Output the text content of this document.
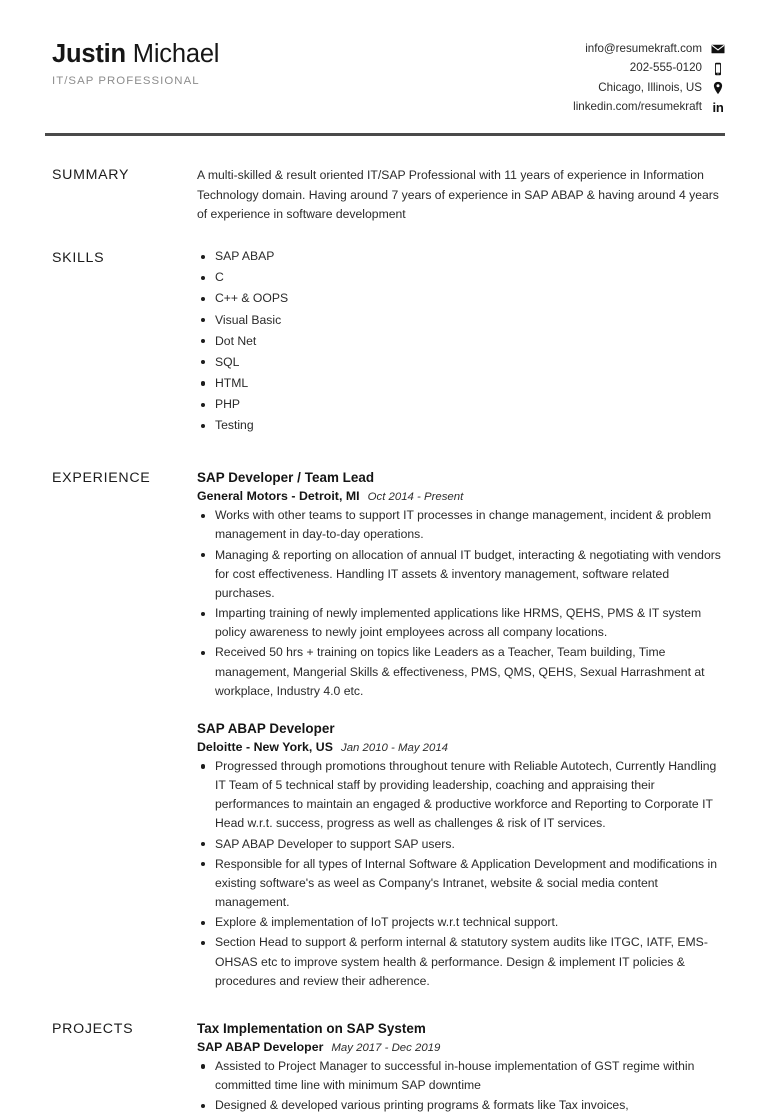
Justin Michael
IT/SAP PROFESSIONAL
info@resumekraft.com
202-555-0120
Chicago, Illinois, US
linkedin.com/resumekraft in
SUMMARY	A multi-skilled & result oriented IT/SAP Professional with 11 years of experience in Information Technology domain. Having around 7 years of experience in SAP ABAP & having around 4 years of experience in software development
SKILLS	SAP ABAP
C
C++ & OOPS
Visual Basic
Dot Net
SQL
HTML
PHP
Testing
EXPERIENCE	SAP Developer / Team Lead
General Motors - Detroit, MI Oct 2014 - Present
Works with other teams to support IT processes in change management, incident & problem management in day-to-day operations.
Managing & reporting on allocation of annual IT budget, interacting & negotiating with vendors for cost effectiveness. Handling IT assets & inventory management, software related purchases.
Imparting training of newly implemented applications like HRMS, QEHS, PMS & IT system policy awareness to newly joint employees across all company locations.
Received 50 hrs + training on topics like Leaders as a Teacher, Team building, Time management, Mangerial Skills & effectiveness, PMS, QMS, QEHS, Sexual Harrashment at workplace, Industry 4.0 etc.
SAP ABAP Developer
Deloitte - New York, US Jan 2010 - May 2014
Progressed through promotions throughout tenure with Reliable Autotech, Currently Handling IT Team of 5 technical staff by providing leadership, coaching and appraising their performances to maintain an engaged & productive workforce and Reporting to Corporate IT Head w.r.t. success, progress as well as challenges & risk of IT services.
SAP ABAP Developer to support SAP users.
Responsible for all types of Internal Software & Application Development and modifications in existing software's as weel as Company's Intranet, website & social media content management.
Explore & implementation of IoT projects w.r.t technical support.
Section Head to support & perform internal & statutory system audits like ITGC, IATF, EMS-OHSAS etc to improve system health & performance. Design & implement IT policies & procedures and review their adherence.
PROJECTS	Tax Implementation on SAP System
SAP ABAP Developer May 2017 - Dec 2019
Assisted to Project Manager to successful in-house implementation of GST regime within committed time line with minimum SAP downtime
Designed & developed various printing programs & formats like Tax invoices,
